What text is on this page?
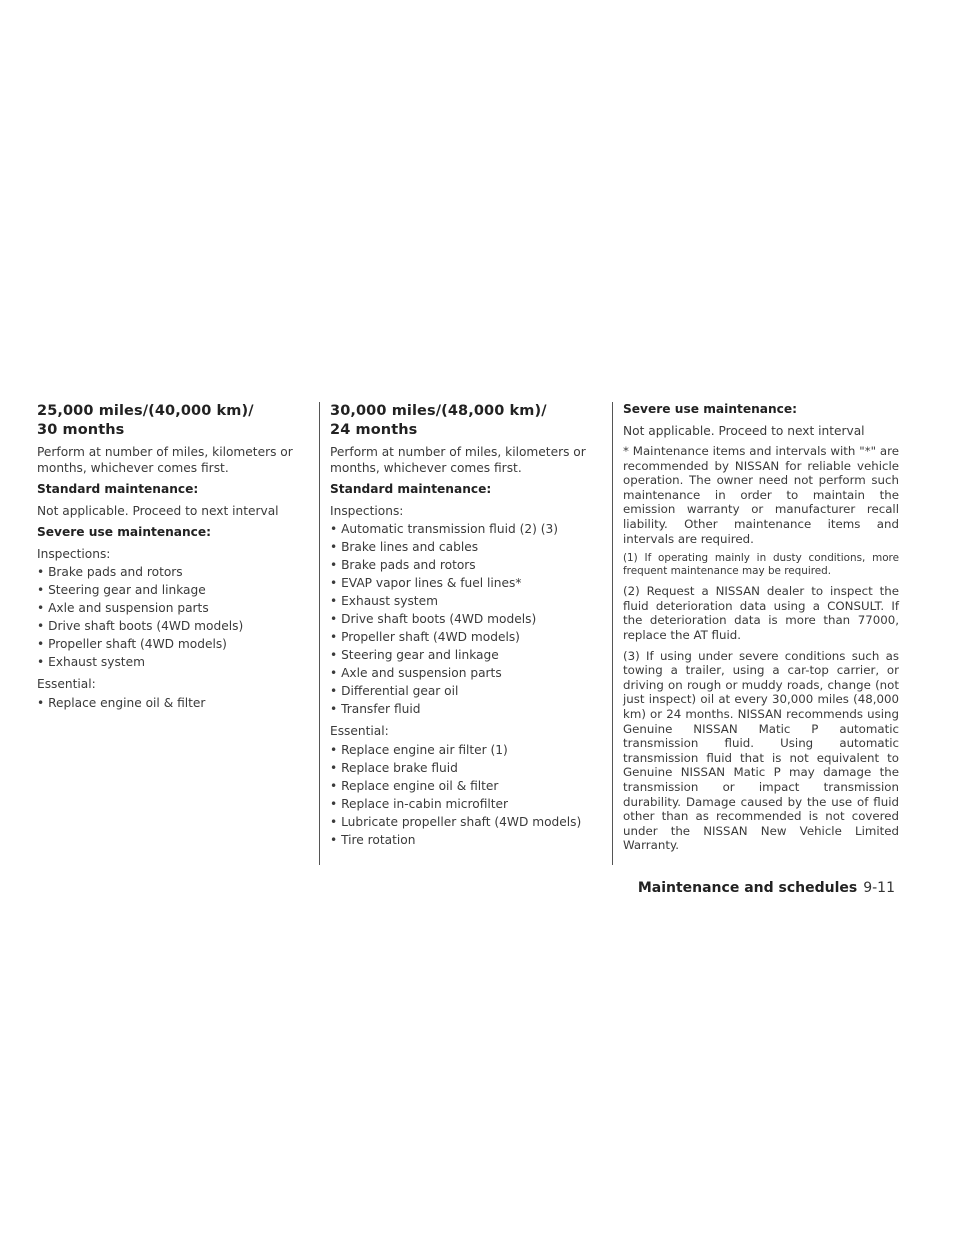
25,000 miles/(40,000 km)/
30 months

Perform at number of miles, kilometers or months, whichever comes first.

Standard maintenance:

Not applicable. Proceed to next interval

Severe use maintenance:

Inspections:

• Brake pads and rotors
• Steering gear and linkage
• Axle and suspension parts
• Drive shaft boots (4WD models)
• Propeller shaft (4WD models)
• Exhaust system

Essential:

• Replace engine oil & filter
30,000 miles/(48,000 km)/
24 months

Perform at number of miles, kilometers or months, whichever comes first.

Standard maintenance:

Inspections:

• Automatic transmission fluid (2) (3)
• Brake lines and cables
• Brake pads and rotors
• EVAP vapor lines & fuel lines*
• Exhaust system
• Drive shaft boots (4WD models)
• Propeller shaft (4WD models)
• Steering gear and linkage
• Axle and suspension parts
• Differential gear oil
• Transfer fluid

Essential:

• Replace engine air filter (1)
• Replace brake fluid
• Replace engine oil & filter
• Replace in-cabin microfilter
• Lubricate propeller shaft (4WD models)
• Tire rotation

Severe use maintenance:

Not applicable. Proceed to next interval

* Maintenance items and intervals with "*" are recommended by NISSAN for reliable vehicle operation. The owner need not perform such maintenance in order to maintain the emission warranty or manufacturer recall liability. Other maintenance items and intervals are required.

(1) If operating mainly in dusty conditions, more frequent maintenance may be required.

(2) Request a NISSAN dealer to inspect the fluid deterioration data using a CONSULT. If the deterioration data is more than 77000, replace the AT fluid.

(3) If using under severe conditions such as towing a trailer, using a car-top carrier, or driving on rough or muddy roads, change (not just inspect) oil at every 30,000 miles (48,000 km) or 24 months. NISSAN recommends using Genuine NISSAN Matic P automatic transmission fluid. Using automatic transmission fluid that is not equivalent to Genuine NISSAN Matic P may damage the transmission or impact transmission durability. Damage caused by the use of fluid other than as recommended is not covered under the NISSAN New Vehicle Limited Warranty.

Maintenance and schedules 9-11
